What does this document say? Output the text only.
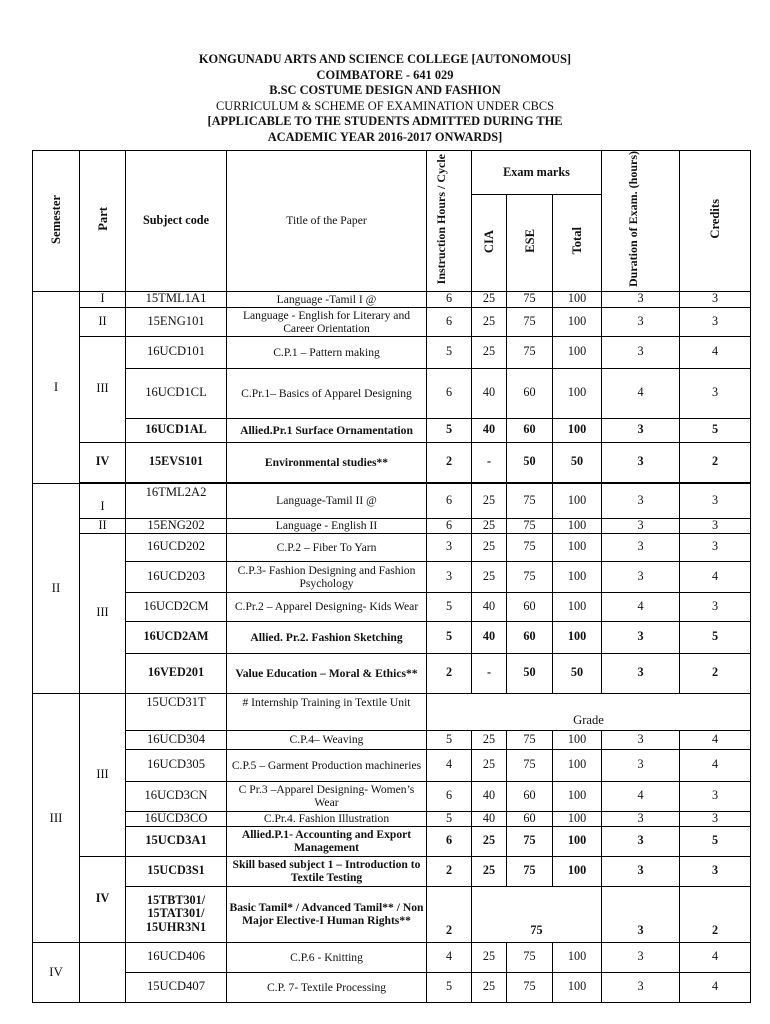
KONGUNADU ARTS AND SCIENCE COLLEGE [AUTONOMOUS]
COIMBATORE - 641 029
B.SC COSTUME DESIGN AND FASHION
CURRICULUM & SCHEME OF EXAMINATION UNDER CBCS
[APPLICABLE TO THE STUDENTS ADMITTED DURING THE
ACADEMIC YEAR 2016-2017 ONWARDS]
Semester	Part	Subject code	Title of the Paper	Instruction Hours / Cycle	Exam marks			Duration of Exam. (hours)	Credits
					CIA	ESE	Total		
I	I	15TML1A1	Language -Tamil I @	6	25	75	100	3	3
	II	15ENG101	Language - English for Literary and Career Orientation	6	25	75	100	3	3
	III	16UCD101	C.P.1 – Pattern making	5	25	75	100	3	4
		16UCD1CL	C.Pr.1– Basics of Apparel Designing	6	40	60	100	4	3
		16UCD1AL	Allied.Pr.1 Surface Ornamentation	5	40	60	100	3	5
	IV	15EVS101	Environmental studies**	2	-	50	50	3	2

II	I	16TML2A2	Language-Tamil II @	6	25	75	100	3	3
	II	15ENG202	Language - English II	6	25	75	100	3	3
	III	16UCD202	C.P.2 – Fiber To Yarn	3	25	75	100	3	3
		16UCD203	C.P.3- Fashion Designing and Fashion Psychology	3	25	75	100	3	4
		16UCD2CM	C.Pr.2 – Apparel Designing- Kids Wear	5	40	60	100	4	3
		16UCD2AM	Allied. Pr.2. Fashion Sketching	5	40	60	100	3	5
		16VED201	Value Education – Moral & Ethics**	2	-	50	50	3	2
III	III	15UCD31T	# Internship Training in Textile Unit	Grade					
		16UCD304	C.P.4– Weaving	5	25	75	100	3	4
		16UCD305	C.P.5 – Garment Production machineries	4	25	75	100	3	4
		16UCD3CN	C Pr.3 –Apparel Designing- Women’s Wear	6	40	60	100	4	3
		16UCD3CO	C.Pr.4. Fashion Illustration	5	40	60	100	3	3
		15UCD3A1	Allied.P.1- Accounting and Export Management	6	25	75	100	3	5
	IV	15UCD3S1	Skill based subject 1 – Introduction to Textile Testing	2	25	75	100	3	3
		15TBT301/ 15TAT301/ 15UHR3N1	Basic Tamil* / Advanced Tamil** / Non Major Elective-I Human Rights**	2	75			3	2
IV		16UCD406	C.P.6 - Knitting	4	25	75	100	3	4
		15UCD407	C.P. 7- Textile Processing	5	25	75	100	3	4
